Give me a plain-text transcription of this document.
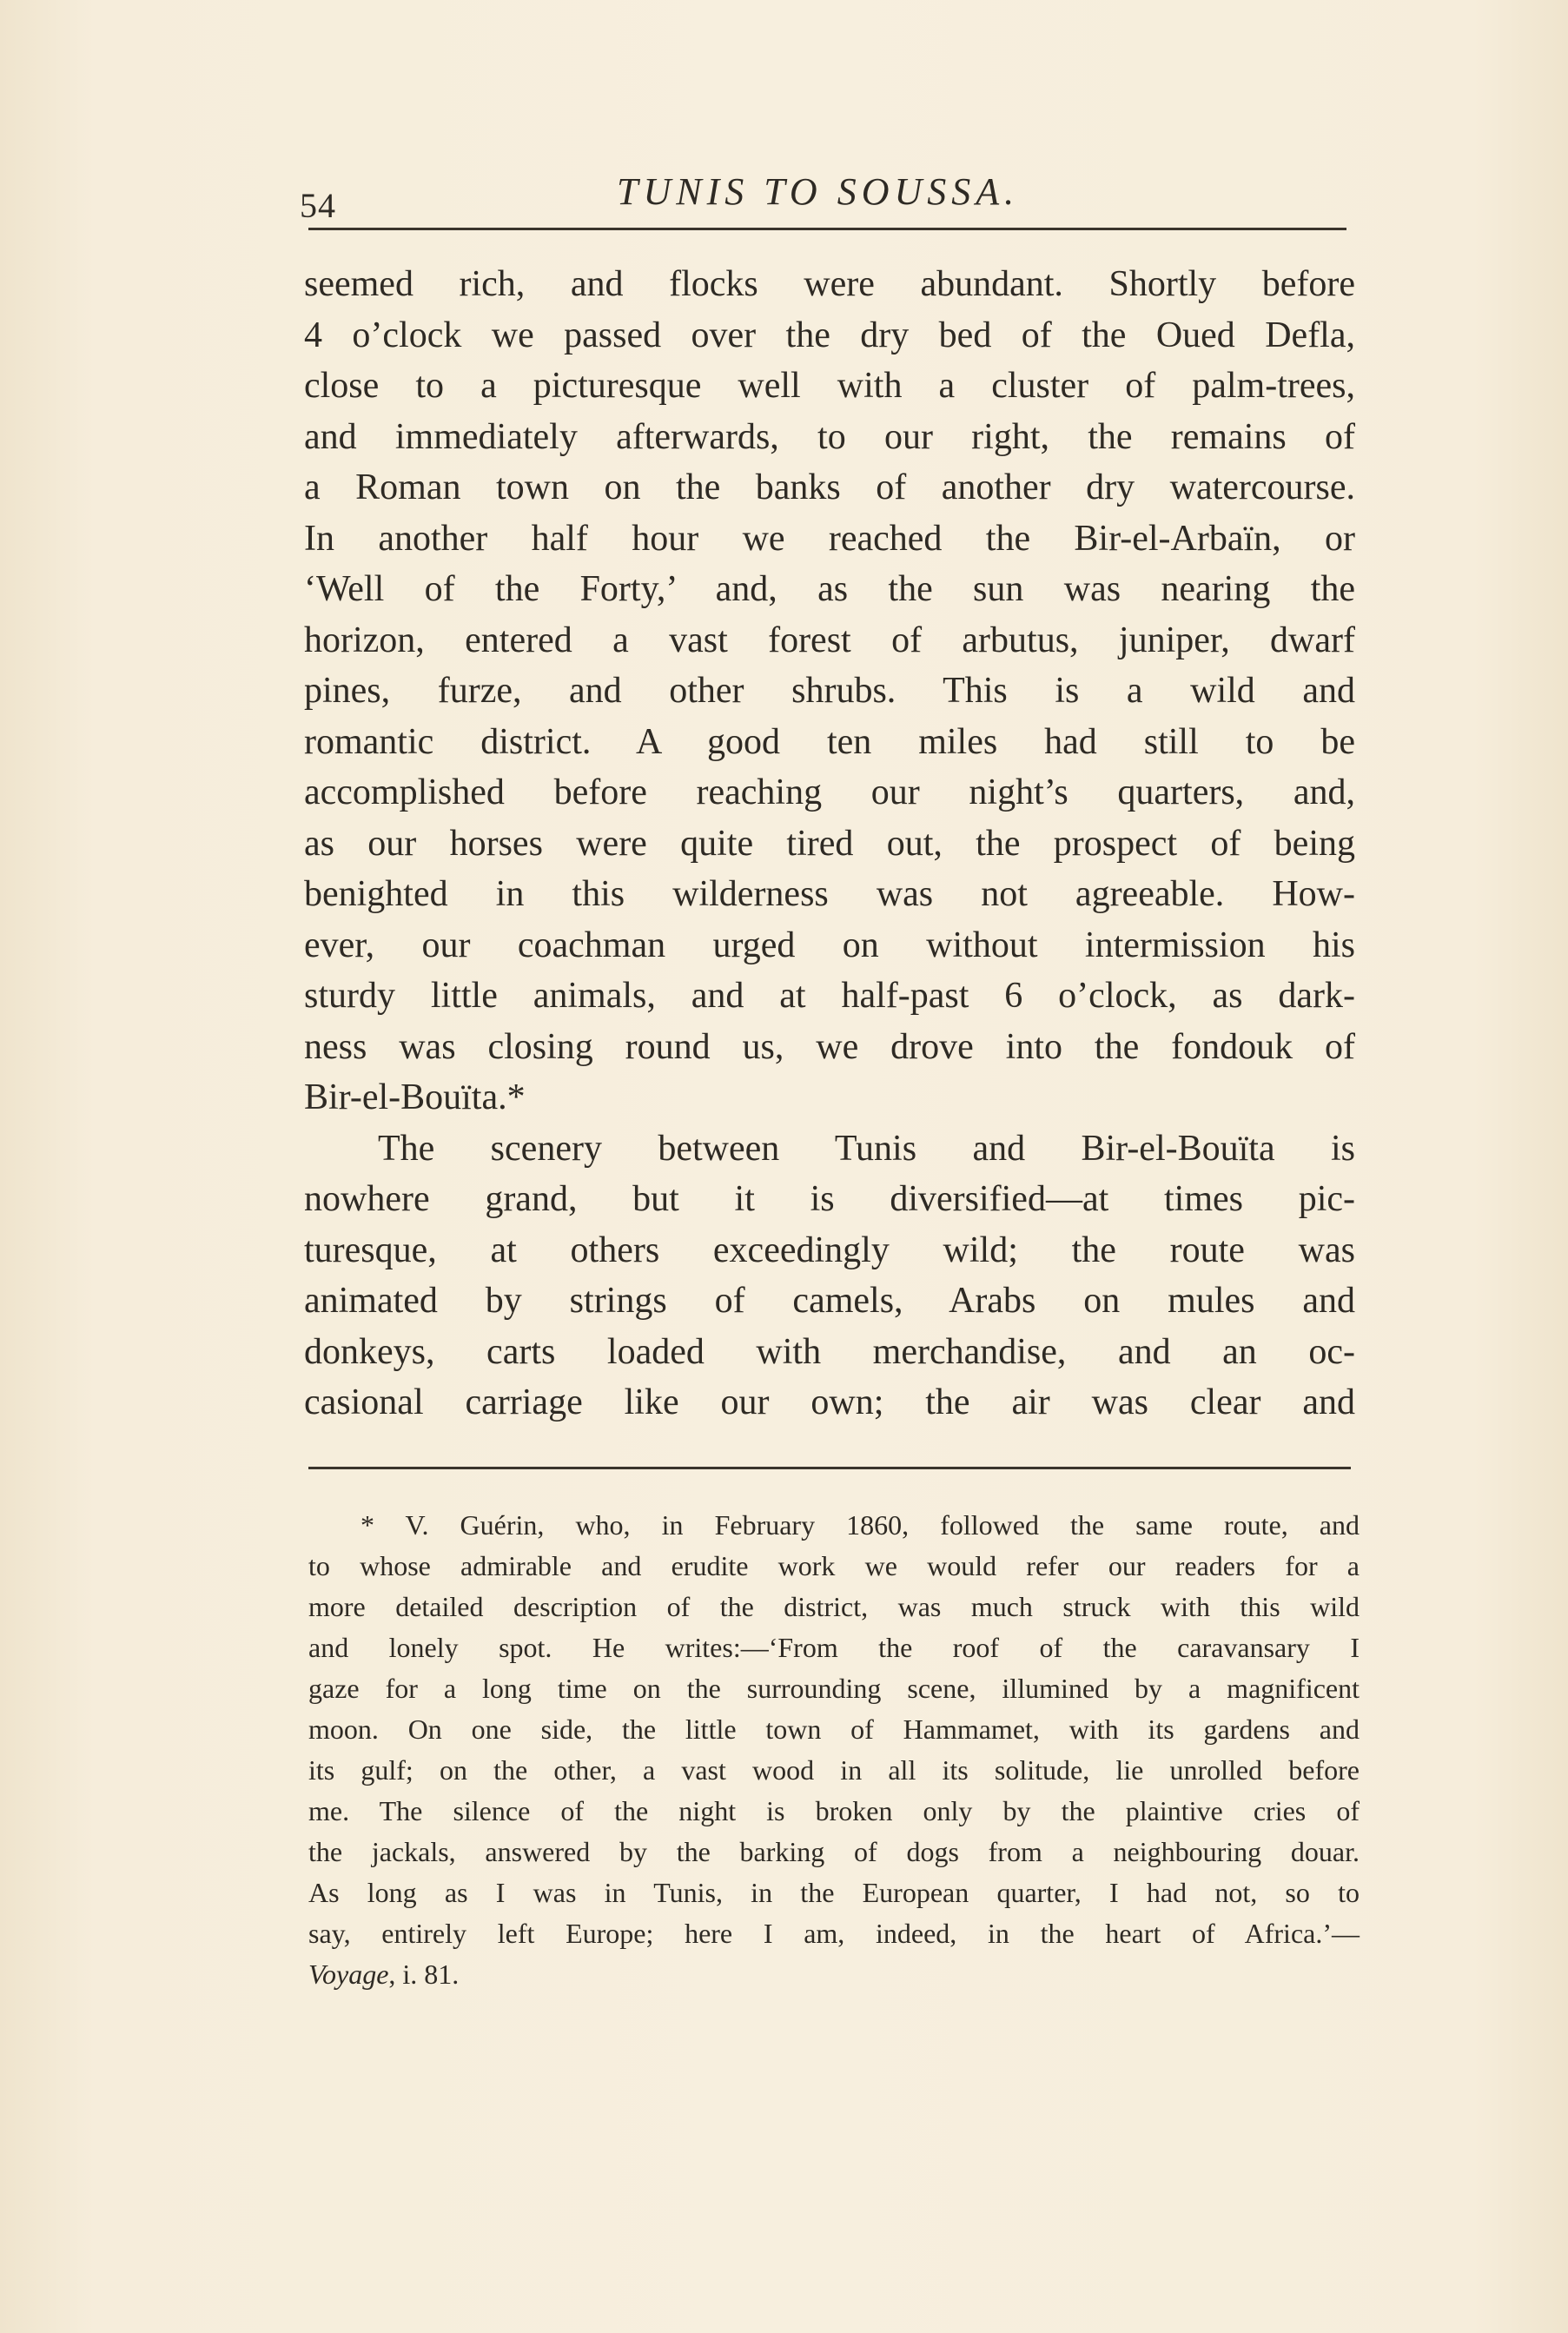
54	TUNIS TO SOUSSA.
seemed rich, and flocks were abundant. Shortly before
4 o’clock we passed over the dry bed of the Oued Defla,
close to a picturesque well with a cluster of palm-trees,
and immediately afterwards, to our right, the remains of
a Roman town on the banks of another dry watercourse.
In another half hour we reached the Bir-el-Arbaïn, or
‘Well of the Forty,’ and, as the sun was nearing the
horizon, entered a vast forest of arbutus, juniper, dwarf
pines, furze, and other shrubs. This is a wild and
romantic district. A good ten miles had still to be
accomplished before reaching our night’s quarters, and,
as our horses were quite tired out, the prospect of being
benighted in this wilderness was not agreeable. How-
ever, our coachman urged on without intermission his
sturdy little animals, and at half-past 6 o’clock, as dark-
ness was closing round us, we drove into the fondouk of
Bir-el-Bouïta.*
The scenery between Tunis and Bir-el-Bouïta is
nowhere grand, but it is diversified—at times pic-
turesque, at others exceedingly wild; the route was
animated by strings of camels, Arabs on mules and
donkeys, carts loaded with merchandise, and an oc-
casional carriage like our own; the air was clear and
* V. Guérin, who, in February 1860, followed the same route, and
to whose admirable and erudite work we would refer our readers for a
more detailed description of the district, was much struck with this wild
and lonely spot. He writes:—‘From the roof of the caravansary I
gaze for a long time on the surrounding scene, illumined by a magnificent
moon. On one side, the little town of Hammamet, with its gardens and
its gulf; on the other, a vast wood in all its solitude, lie unrolled before
me. The silence of the night is broken only by the plaintive cries of
the jackals, answered by the barking of dogs from a neighbouring douar.
As long as I was in Tunis, in the European quarter, I had not, so to
say, entirely left Europe; here I am, indeed, in the heart of Africa.’—
Voyage, i. 81.
